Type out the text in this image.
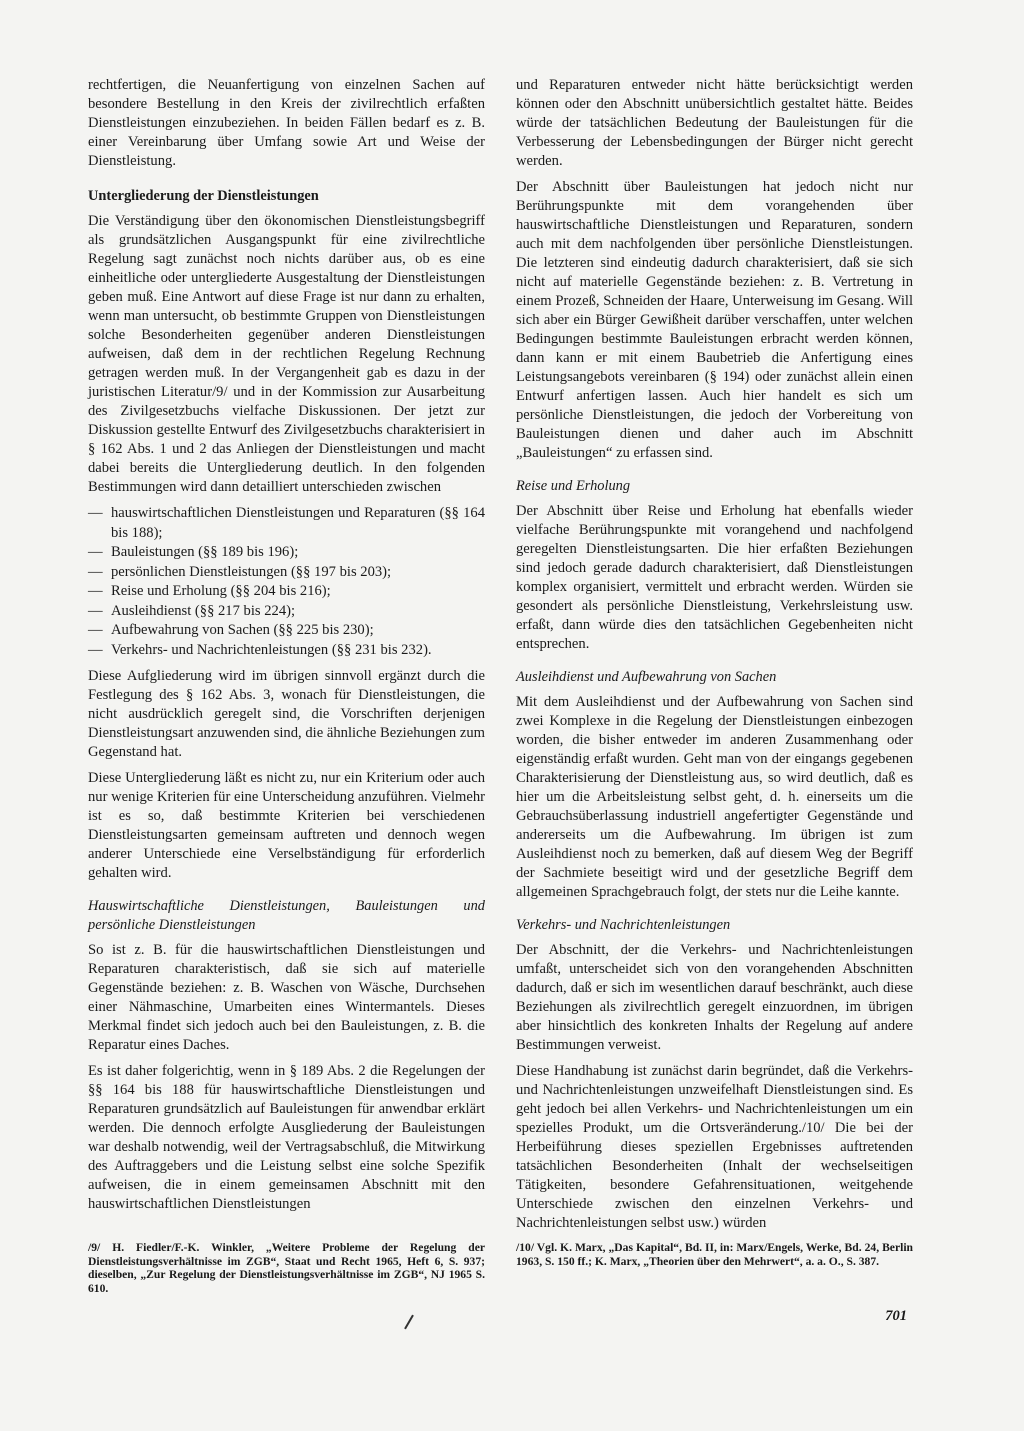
rechtfertigen, die Neuanfertigung von einzelnen Sachen auf besondere Bestellung in den Kreis der zivilrechtlich erfaßten Dienstleistungen einzubeziehen. In beiden Fällen bedarf es z. B. einer Vereinbarung über Umfang sowie Art und Weise der Dienstleistung.

Untergliederung der Dienstleistungen

Die Verständigung über den ökonomischen Dienstleistungsbegriff als grundsätzlichen Ausgangspunkt für eine zivilrechtliche Regelung sagt zunächst noch nichts darüber aus, ob es eine einheitliche oder untergliederte Ausgestaltung der Dienstleistungen geben muß. Eine Antwort auf diese Frage ist nur dann zu erhalten, wenn man untersucht, ob bestimmte Gruppen von Dienstleistungen solche Besonderheiten gegenüber anderen Dienstleistungen aufweisen, daß dem in der rechtlichen Regelung Rechnung getragen werden muß. In der Vergangenheit gab es dazu in der juristischen Literatur/9/ und in der Kommission zur Ausarbeitung des Zivilgesetzbuchs vielfache Diskussionen. Der jetzt zur Diskussion gestellte Entwurf des Zivilgesetzbuchs charakterisiert in § 162 Abs. 1 und 2 das Anliegen der Dienstleistungen und macht dabei bereits die Untergliederung deutlich. In den folgenden Bestimmungen wird dann detailliert unterschieden zwischen

— hauswirtschaftlichen Dienstleistungen und Reparaturen (§§ 164 bis 188);
— Bauleistungen (§§ 189 bis 196);
— persönlichen Dienstleistungen (§§ 197 bis 203);
— Reise und Erholung (§§ 204 bis 216);
— Ausleihdienst (§§ 217 bis 224);
— Aufbewahrung von Sachen (§§ 225 bis 230);
— Verkehrs- und Nachrichtenleistungen (§§ 231 bis 232).

Diese Aufgliederung wird im übrigen sinnvoll ergänzt durch die Festlegung des § 162 Abs. 3, wonach für Dienstleistungen, die nicht ausdrücklich geregelt sind, die Vorschriften derjenigen Dienstleistungsart anzuwenden sind, die ähnliche Beziehungen zum Gegenstand hat.

Diese Untergliederung läßt es nicht zu, nur ein Kriterium oder auch nur wenige Kriterien für eine Unterscheidung anzuführen. Vielmehr ist es so, daß bestimmte Kriterien bei verschiedenen Dienstleistungsarten gemeinsam auftreten und dennoch wegen anderer Unterschiede eine Verselbständigung für erforderlich gehalten wird.

Hauswirtschaftliche Dienstleistungen, Bauleistungen und persönliche Dienstleistungen

So ist z. B. für die hauswirtschaftlichen Dienstleistungen und Reparaturen charakteristisch, daß sie sich auf materielle Gegenstände beziehen: z. B. Waschen von Wäsche, Durchsehen einer Nähmaschine, Umarbeiten eines Wintermantels. Dieses Merkmal findet sich jedoch auch bei den Bauleistungen, z. B. die Reparatur eines Daches.

Es ist daher folgerichtig, wenn in § 189 Abs. 2 die Regelungen der §§ 164 bis 188 für hauswirtschaftliche Dienstleistungen und Reparaturen grundsätzlich auf Bauleistungen für anwendbar erklärt werden. Die dennoch erfolgte Ausgliederung der Bauleistungen war deshalb notwendig, weil der Vertragsabschluß, die Mitwirkung des Auftraggebers und die Leistung selbst eine solche Spezifik aufweisen, die in einem gemeinsamen Abschnitt mit den hauswirtschaftlichen Dienstleistungen

und Reparaturen entweder nicht hätte berücksichtigt werden können oder den Abschnitt unübersichtlich gestaltet hätte. Beides würde der tatsächlichen Bedeutung der Bauleistungen für die Verbesserung der Lebensbedingungen der Bürger nicht gerecht werden.

Der Abschnitt über Bauleistungen hat jedoch nicht nur Berührungspunkte mit dem vorangehenden über hauswirtschaftliche Dienstleistungen und Reparaturen, sondern auch mit dem nachfolgenden über persönliche Dienstleistungen. Die letzteren sind eindeutig dadurch charakterisiert, daß sie sich nicht auf materielle Gegenstände beziehen: z. B. Vertretung in einem Prozeß, Schneiden der Haare, Unterweisung im Gesang. Will sich aber ein Bürger Gewißheit darüber verschaffen, unter welchen Bedingungen bestimmte Bauleistungen erbracht werden können, dann kann er mit einem Baubetrieb die Anfertigung eines Leistungsangebots vereinbaren (§ 194) oder zunächst allein einen Entwurf anfertigen lassen. Auch hier handelt es sich um persönliche Dienstleistungen, die jedoch der Vorbereitung von Bauleistungen dienen und daher auch im Abschnitt „Bauleistungen“ zu erfassen sind.

Reise und Erholung

Der Abschnitt über Reise und Erholung hat ebenfalls wieder vielfache Berührungspunkte mit vorangehend und nachfolgend geregelten Dienstleistungsarten. Die hier erfaßten Beziehungen sind jedoch gerade dadurch charakterisiert, daß Dienstleistungen komplex organisiert, vermittelt und erbracht werden. Würden sie gesondert als persönliche Dienstleistung, Verkehrsleistung usw. erfaßt, dann würde dies den tatsächlichen Gegebenheiten nicht entsprechen.

Ausleihdienst und Aufbewahrung von Sachen

Mit dem Ausleihdienst und der Aufbewahrung von Sachen sind zwei Komplexe in die Regelung der Dienstleistungen einbezogen worden, die bisher entweder im anderen Zusammenhang oder eigenständig erfaßt wurden. Geht man von der eingangs gegebenen Charakterisierung der Dienstleistung aus, so wird deutlich, daß es hier um die Arbeitsleistung selbst geht, d. h. einerseits um die Gebrauchsüberlassung industriell angefertigter Gegenstände und andererseits um die Aufbewahrung. Im übrigen ist zum Ausleihdienst noch zu bemerken, daß auf diesem Weg der Begriff der Sachmiete beseitigt wird und der gesetzliche Begriff dem allgemeinen Sprachgebrauch folgt, der stets nur die Leihe kannte.

Verkehrs- und Nachrichtenleistungen

Der Abschnitt, der die Verkehrs- und Nachrichtenleistungen umfaßt, unterscheidet sich von den vorangehenden Abschnitten dadurch, daß er sich im wesentlichen darauf beschränkt, auch diese Beziehungen als zivilrechtlich geregelt einzuordnen, im übrigen aber hinsichtlich des konkreten Inhalts der Regelung auf andere Bestimmungen verweist.

Diese Handhabung ist zunächst darin begründet, daß die Verkehrs- und Nachrichtenleistungen unzweifelhaft Dienstleistungen sind. Es geht jedoch bei allen Verkehrs- und Nachrichtenleistungen um ein spezielles Produkt, um die Ortsveränderung./10/ Die bei der Herbeiführung dieses speziellen Ergebnisses auftretenden tatsächlichen Besonderheiten (Inhalt der wechselseitigen Tätigkeiten, besondere Gefahrensituationen, weitgehende Unterschiede zwischen den einzelnen Verkehrs- und Nachrichtenleistungen selbst usw.) würden

/9/ H. Fiedler/F.-K. Winkler, „Weitere Probleme der Regelung der Dienstleistungsverhältnisse im ZGB“, Staat und Recht 1965, Heft 6, S. 937; dieselben, „Zur Regelung der Dienstleistungsverhältnisse im ZGB“, NJ 1965 S. 610.
/10/ Vgl. K. Marx, „Das Kapital“, Bd. II, in: Marx/Engels, Werke, Bd. 24, Berlin 1963, S. 150 ff.; K. Marx, „Theorien über den Mehrwert“, a. a. O., S. 387.
701
